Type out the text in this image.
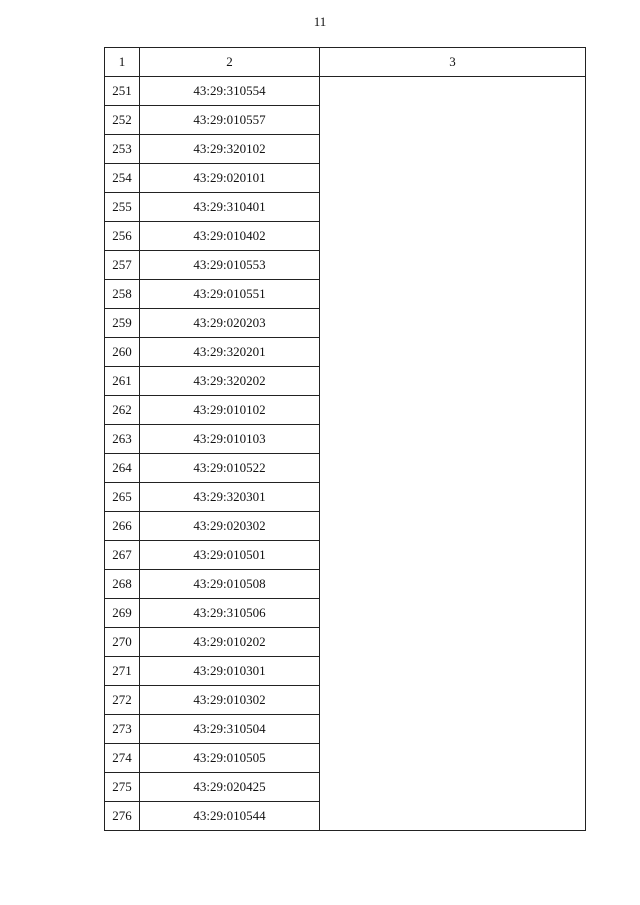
11
1	2	3
251	43:29:310554	
252	43:29:010557	
253	43:29:320102	
254	43:29:020101	
255	43:29:310401	
256	43:29:010402	
257	43:29:010553	
258	43:29:010551	
259	43:29:020203	
260	43:29:320201	
261	43:29:320202	
262	43:29:010102	
263	43:29:010103	
264	43:29:010522	
265	43:29:320301	
266	43:29:020302	
267	43:29:010501	
268	43:29:010508	
269	43:29:310506	
270	43:29:010202	
271	43:29:010301	
272	43:29:010302	
273	43:29:310504	
274	43:29:010505	
275	43:29:020425	
276	43:29:010544	
